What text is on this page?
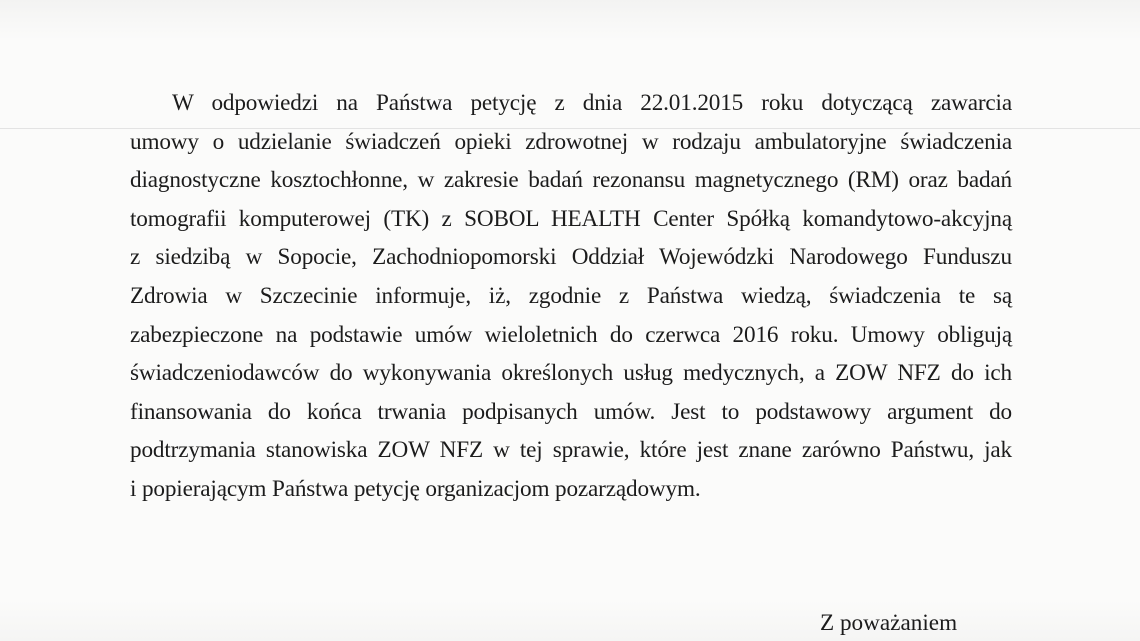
W odpowiedzi na Państwa petycję z dnia 22.01.2015 roku dotyczącą zawarcia
umowy o udzielanie świadczeń opieki zdrowotnej w rodzaju ambulatoryjne świadczenia
diagnostyczne kosztochłonne, w zakresie badań rezonansu magnetycznego (RM) oraz badań
tomografii komputerowej (TK) z SOBOL HEALTH Center Spółką komandytowo-akcyjną
z siedzibą w Sopocie, Zachodniopomorski Oddział Wojewódzki Narodowego Funduszu
Zdrowia w Szczecinie informuje, iż, zgodnie z Państwa wiedzą, świadczenia te są
zabezpieczone na podstawie umów wieloletnich do czerwca 2016 roku. Umowy obligują
świadczeniodawców do wykonywania określonych usług medycznych, a ZOW NFZ do ich
finansowania do końca trwania podpisanych umów. Jest to podstawowy argument do
podtrzymania stanowiska ZOW NFZ w tej sprawie, które jest znane zarówno Państwu, jak
i popierającym Państwa petycję organizacjom pozarządowym.
Z poważaniem
